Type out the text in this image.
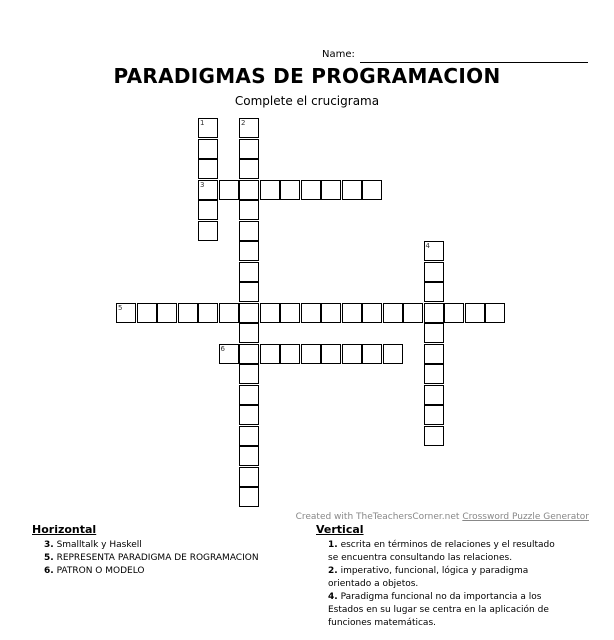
Name:
PARADIGMAS DE PROGRAMACION
Complete el crucigrama
1
3
2
4
5
6
Created with TheTeachersCorner.net Crossword Puzzle Generator
Horizontal
3. Smalltalk y Haskell
5. REPRESENTA PARADIGMA DE ROGRAMACION
6. PATRON O MODELO
Vertical
1. escrita en términos de relaciones y el resultado
se encuentra consultando las relaciones.
2. imperativo, funcional, lógica y paradigma
orientado a objetos.
4. Paradigma funcional no da importancia a los
Estados en su lugar se centra en la aplicación de
funciones matemáticas.
